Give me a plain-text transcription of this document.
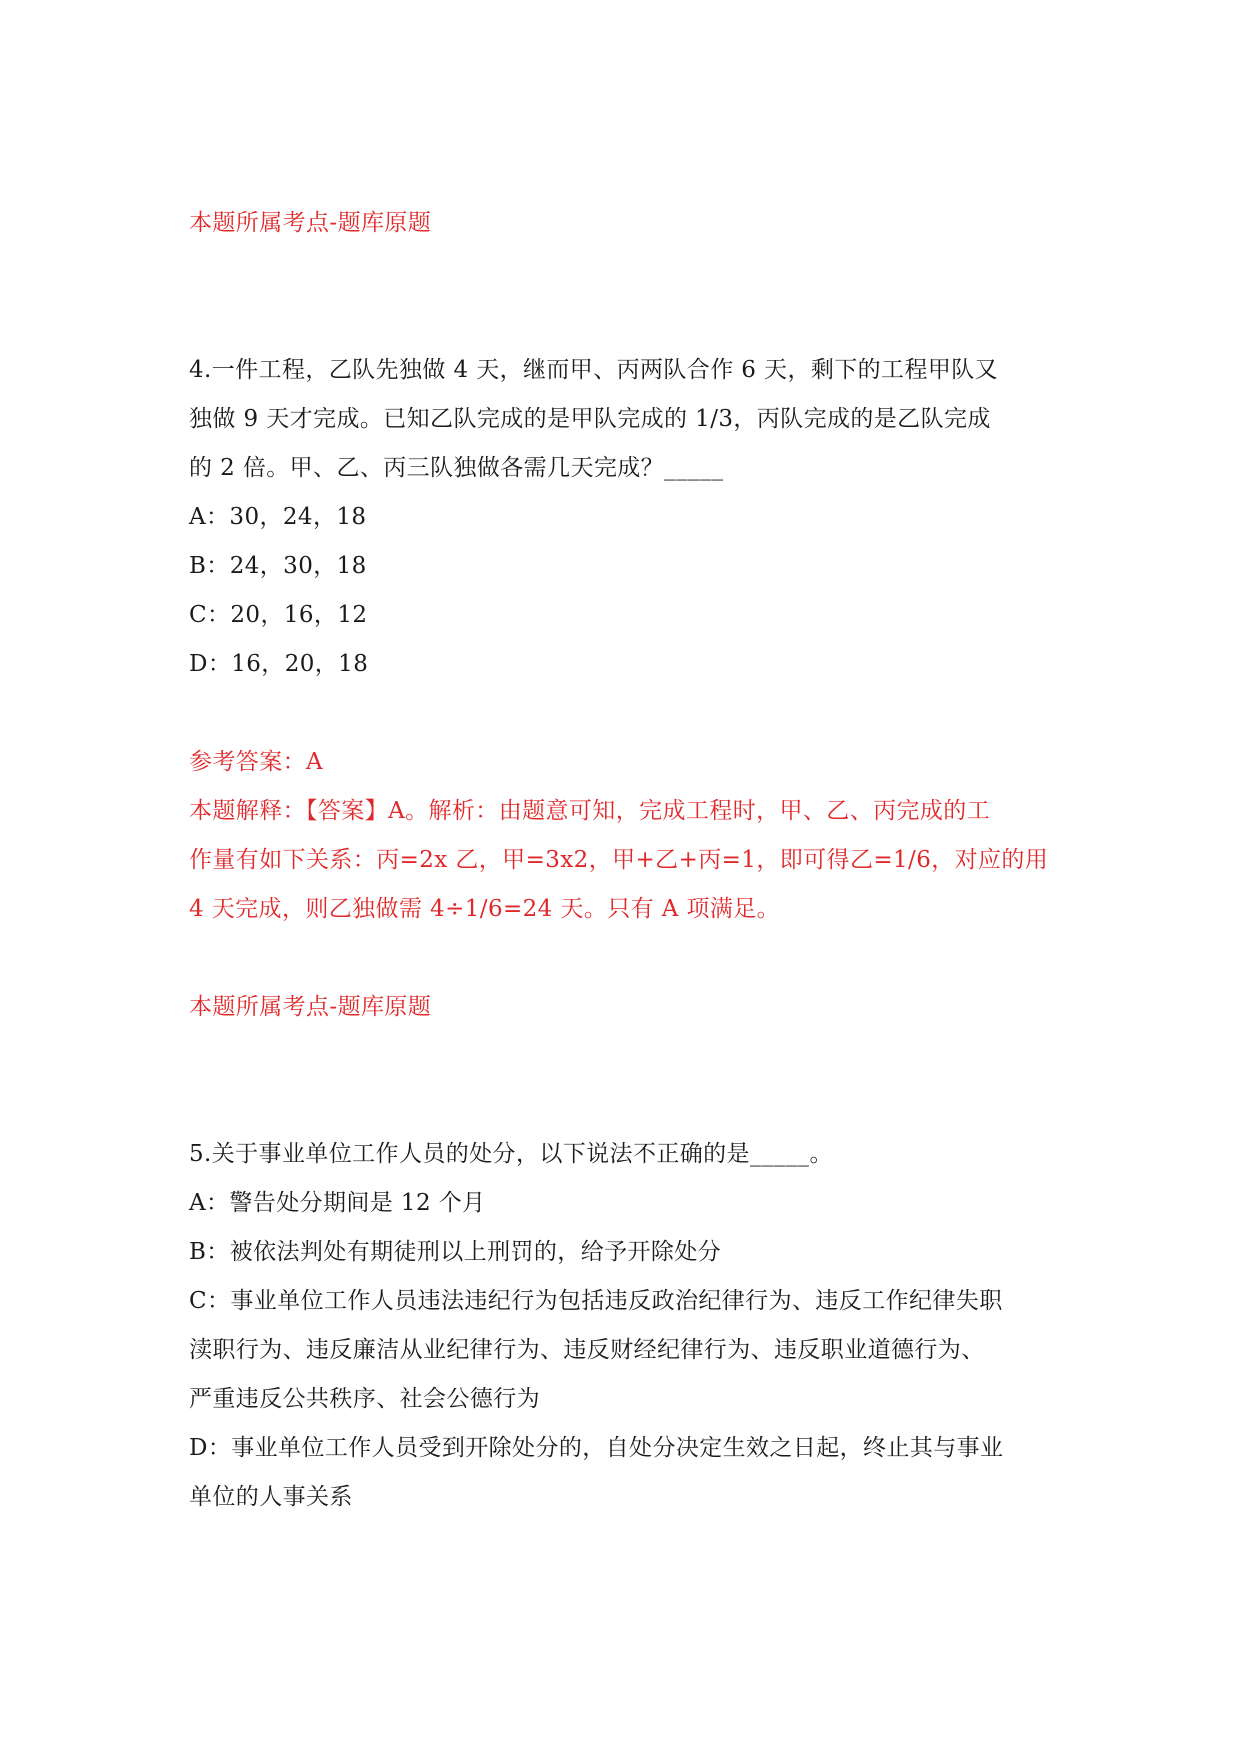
本题所属考点-题库原题
4.一件工程，乙队先独做 4 天，继而甲、丙两队合作 6 天，剩下的工程甲队又
独做 9 天才完成。已知乙队完成的是甲队完成的 1/3，丙队完成的是乙队完成
的 2 倍。甲、乙、丙三队独做各需几天完成？_____
A：30，24，18
B：24，30，18
C：20，16，12
D：16，20，18
参考答案：A
本题解释：【答案】A。解析：由题意可知，完成工程时，甲、乙、丙完成的工
作量有如下关系：丙=2x 乙，甲=3x2，甲+乙+丙=1，即可得乙=1/6，对应的用
4 天完成，则乙独做需 4÷1/6=24 天。只有 A 项满足。
本题所属考点-题库原题
5.关于事业单位工作人员的处分，以下说法不正确的是_____。
A：警告处分期间是 12 个月
B：被依法判处有期徒刑以上刑罚的，给予开除处分
C：事业单位工作人员违法违纪行为包括违反政治纪律行为、违反工作纪律失职
渎职行为、违反廉洁从业纪律行为、违反财经纪律行为、违反职业道德行为、
严重违反公共秩序、社会公德行为
D：事业单位工作人员受到开除处分的，自处分决定生效之日起，终止其与事业
单位的人事关系
